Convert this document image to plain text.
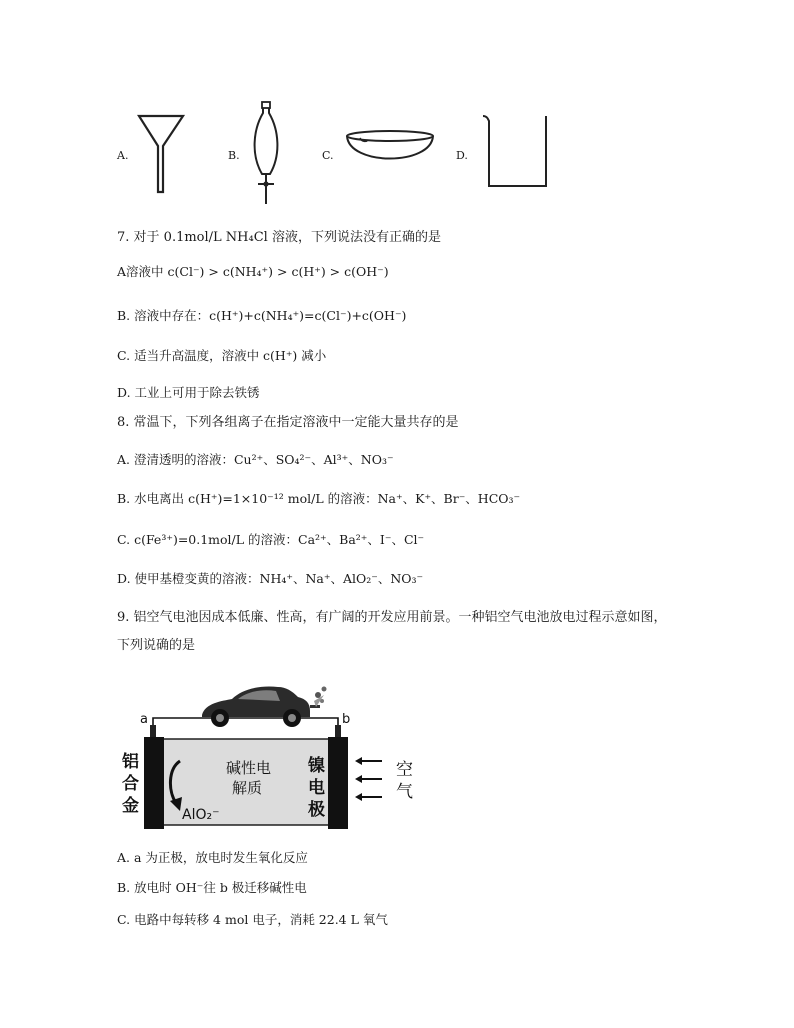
A.	B.	C.	D.
7. 对于 0.1mol/L NH₄Cl 溶液，下列说法没有正确的是
A溶液中 c(Cl⁻) > c(NH₄⁺) > c(H⁺) > c(OH⁻)
B. 溶液中存在：c(H⁺)+c(NH₄⁺)=c(Cl⁻)+c(OH⁻)
C. 适当升高温度，溶液中 c(H⁺) 减小
D. 工业上可用于除去铁锈
8. 常温下，下列各组离子在指定溶液中一定能大量共存的是
A. 澄清透明的溶液：Cu²⁺、SO₄²⁻、Al³⁺、NO₃⁻
B. 水电离出 c(H⁺)=1×10⁻¹² mol/L 的溶液：Na⁺、K⁺、Br⁻、HCO₃⁻
C. c(Fe³⁺)=0.1mol/L 的溶液：Ca²⁺、Ba²⁺、I⁻、Cl⁻
D. 使甲基橙变黄的溶液：NH₄⁺、Na⁺、AlO₂⁻、NO₃⁻
9. 铝空气电池因成本低廉、性高，有广阔的开发应用前景。一种铝空气电池放电过程示意如图，
下列说确的是
a	b
铝
合
金
镍
电
极
碱性电
解质
AlO₂⁻
空
气
A. a 为正极，放电时发生氧化反应
B. 放电时 OH⁻往 b 极迁移碱性电
C. 电路中每转移 4 mol 电子，消耗 22.4 L 氧气
